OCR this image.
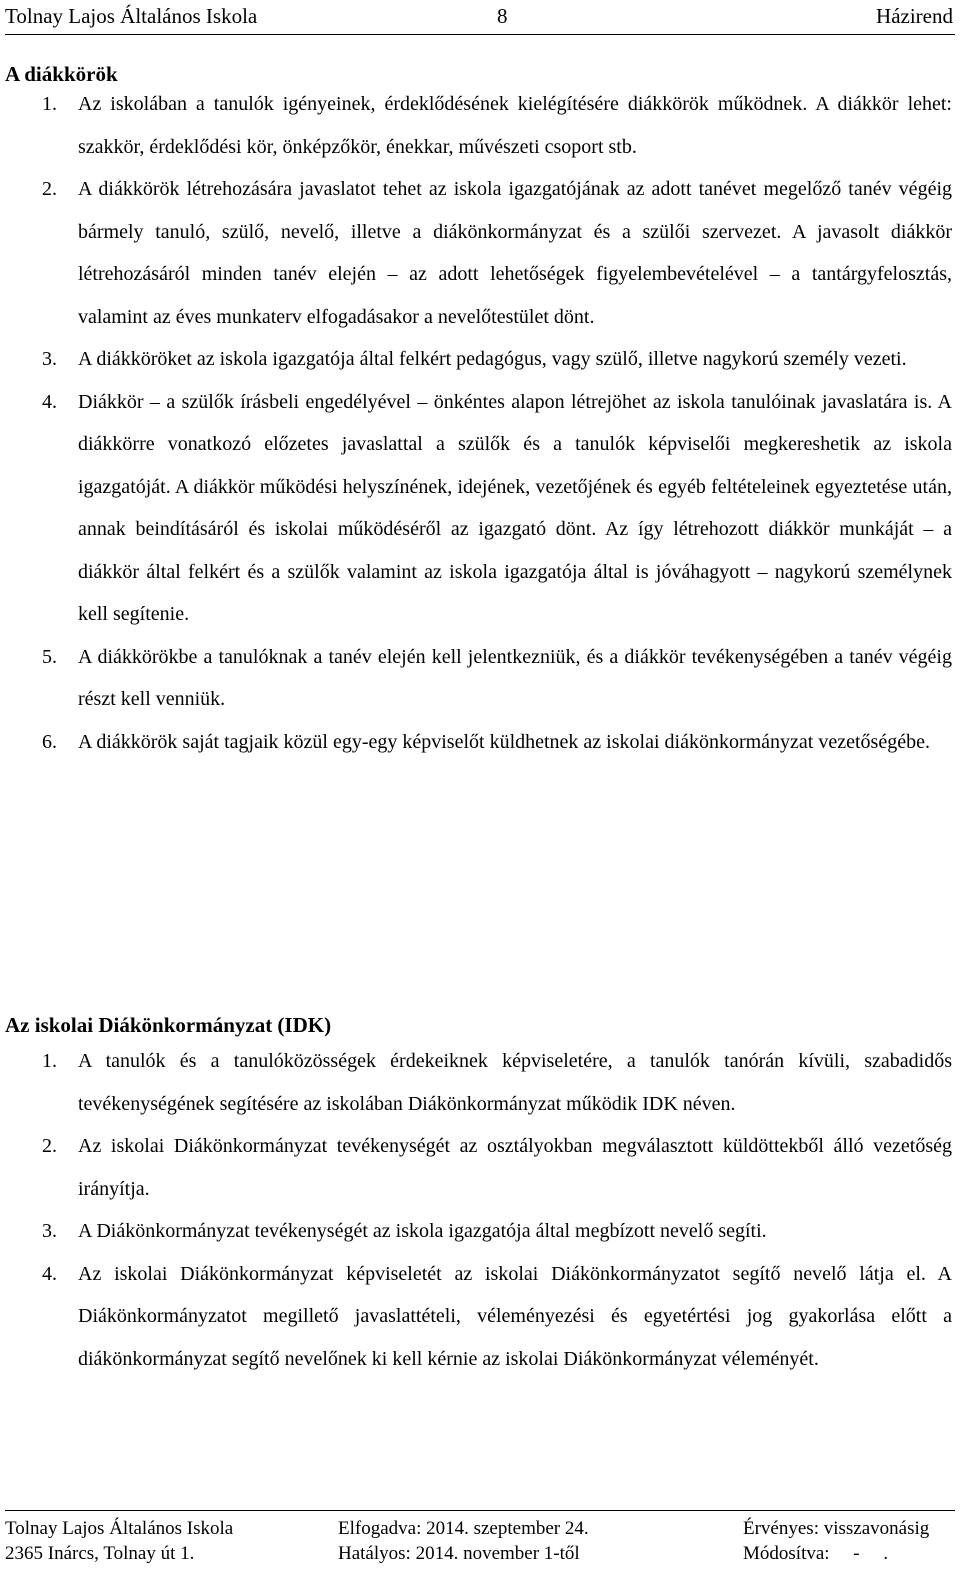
Tolnay Lajos Általános Iskola	8	Házirend
A diákkörök
1. Az iskolában a tanulók igényeinek, érdeklődésének kielégítésére diákkörök működnek. A diákkör lehet: szakkör, érdeklődési kör, önképzőkör, énekkar, művészeti csoport stb.
2. A diákkörök létrehozására javaslatot tehet az iskola igazgatójának az adott tanévet megelőző tanév végéig bármely tanuló, szülő, nevelő, illetve a diákönkormányzat és a szülői szervezet. A javasolt diákkör létrehozásáról minden tanév elején – az adott lehetőségek figyelembevételével – a tantárgyfelosztás, valamint az éves munkaterv elfogadásakor a nevelőtestület dönt.
3. A diákköröket az iskola igazgatója által felkért pedagógus, vagy szülő, illetve nagykorú személy vezeti.
4. Diákkör – a szülők írásbeli engedélyével – önkéntes alapon létrejöhet az iskola tanulóinak javaslatára is. A diákkörre vonatkozó előzetes javaslattal a szülők és a tanulók képviselői megkereshetik az iskola igazgatóját. A diákkör működési helyszínének, idejének, vezetőjének és egyéb feltételeinek egyeztetése után, annak beindításáról és iskolai működéséről az igazgató dönt. Az így létrehozott diákkör munkáját – a diákkör által felkért és a szülők valamint az iskola igazgatója által is jóváhagyott – nagykorú személynek kell segítenie.
5. A diákkörökbe a tanulóknak a tanév elején kell jelentkezniük, és a diákkör tevékenységében a tanév végéig részt kell venniük.
6. A diákkörök saját tagjaik közül egy-egy képviselőt küldhetnek az iskolai diákönkormányzat vezetőségébe.
Az iskolai Diákönkormányzat (IDK)
1. A tanulók és a tanulóközösségek érdekeiknek képviseletére, a tanulók tanórán kívüli, szabadidős tevékenységének segítésére az iskolában Diákönkormányzat működik IDK néven.
2. Az iskolai Diákönkormányzat tevékenységét az osztályokban megválasztott küldöttekből álló vezetőség irányítja.
3. A Diákönkormányzat tevékenységét az iskola igazgatója által megbízott nevelő segíti.
4. Az iskolai Diákönkormányzat képviseletét az iskolai Diákönkormányzatot segítő nevelő látja el. A Diákönkormányzatot megillető javaslattételi, véleményezési és egyetértési jog gyakorlása előtt a diákönkormányzat segítő nevelőnek ki kell kérnie az iskolai Diákönkormányzat véleményét.
Tolnay Lajos Általános Iskola
2365 Inárcs, Tolnay út 1.
Elfogadva: 2014. szeptember 24.
Hatályos: 2014. november 1-től
Érvényes: visszavonásig
Módosítva:     -     .
